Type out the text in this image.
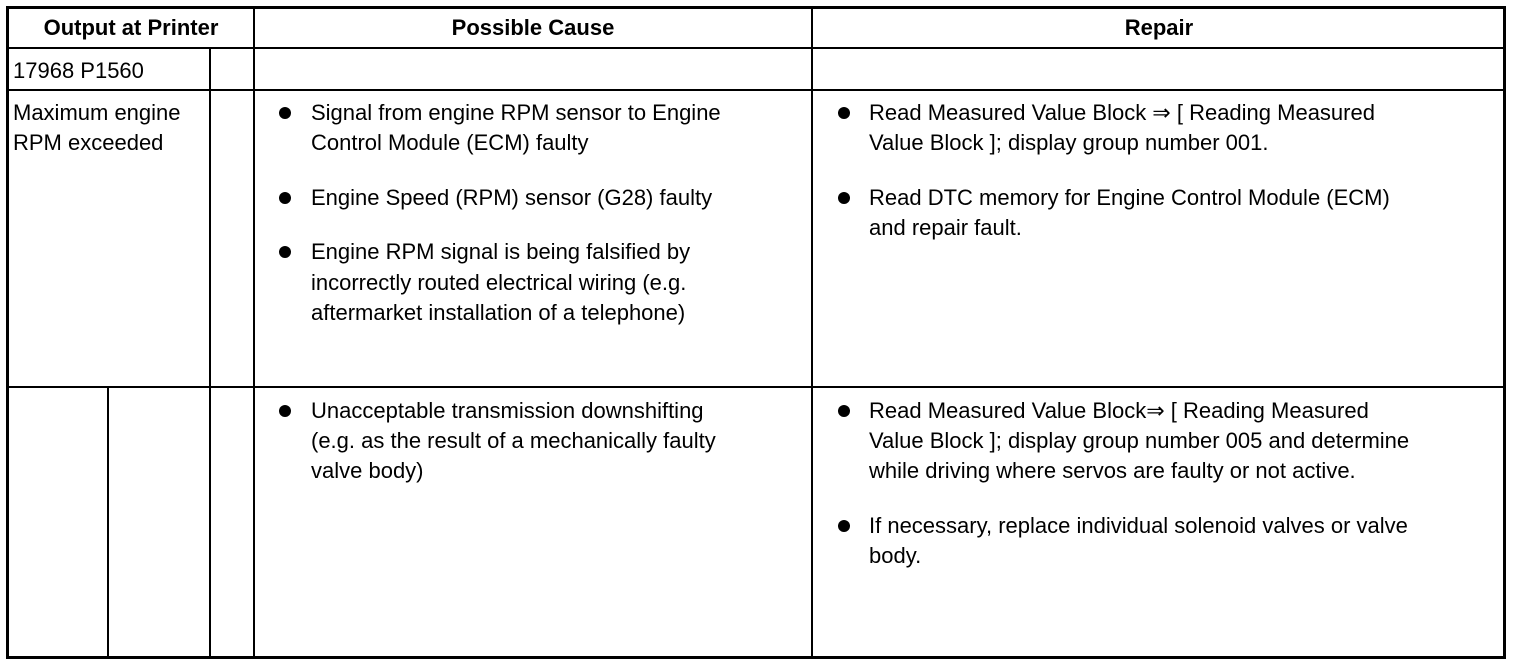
Output at Printer	Possible Cause	Repair
17968 P1560
Maximum engine
RPM exceeded
Signal from engine RPM sensor to Engine
Control Module (ECM) faulty
Engine Speed (RPM) sensor (G28) faulty
Engine RPM signal is being falsified by
incorrectly routed electrical wiring (e.g.
aftermarket installation of a telephone)
Read Measured Value Block ⇒ [ Reading Measured
Value Block ]; display group number 001.
Read DTC memory for Engine Control Module (ECM)
and repair fault.
Unacceptable transmission downshifting
(e.g. as the result of a mechanically faulty
valve body)
Read Measured Value Block⇒ [ Reading Measured
Value Block ]; display group number 005 and determine
while driving where servos are faulty or not active.
If necessary, replace individual solenoid valves or valve
body.
